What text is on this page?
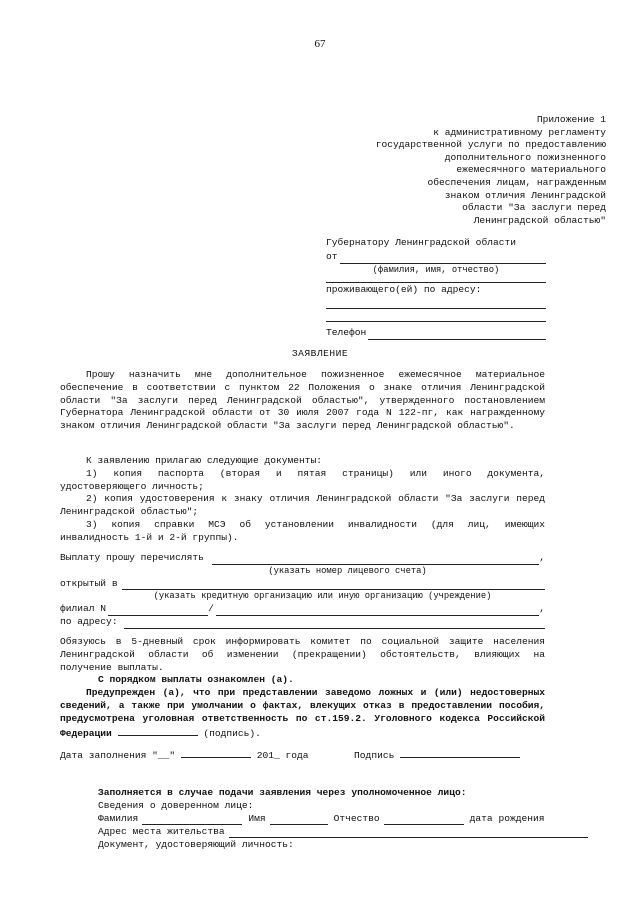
67
Приложение 1
к административному регламенту
государственной услуги по предоставлению
дополнительного пожизненного
ежемесячного материального
обеспечения лицам, награжденным
знаком отличия Ленинградской
области "За заслуги перед
Ленинградской областью"
Губернатору Ленинградской области
от
(фамилия, имя, отчество)
проживающего(ей) по адресу:
Телефон
ЗАЯВЛЕНИЕ

Прошу назначить мне дополнительное пожизненное ежемесячное материальное обеспечение в соответствии с пунктом 22 Положения о знаке отличия Ленинградской области "За заслуги перед Ленинградской областью", утвержденного постановлением Губернатора Ленинградской области от 30 июля 2007 года N 122-пг, как награжденному знаком отличия Ленинградской области "За заслуги перед Ленинградской областью".

К заявлению прилагаю следующие документы:

1) копия паспорта (вторая и пятая страницы) или иного документа, удостоверяющего личность;

2) копия удостоверения к знаку отличия Ленинградской области "За заслуги перед Ленинградской областью";

3) копия справки МСЭ об установлении инвалидности (для лиц, имеющих инвалидность 1-й и 2-й группы).

Выплату прошу перечислять	,
(указать номер лицевого счета)
открытый в
(указать кредитную организацию или иную организацию (учреждение)
филиал N	/	,
по адресу:

Обязуюсь в 5-дневный срок информировать комитет по социальной защите населения Ленинградской области об изменении (прекращении) обстоятельств, влияющих на получение выплаты.

С порядком выплаты ознакомлен (а).

Предупрежден (а), что при представлении заведомо ложных и (или) недостоверных сведений, а также при умолчании о фактах, влекущих отказ в предоставлении пособия, предусмотрена уголовная ответственность по ст.159.2. Уголовного кодекса Российской Федерации	(подпись).

Дата заполнения "__"	201_ года	Подпись
Заполняется в случае подачи заявления через уполномоченное лицо:
Сведения о доверенном лице:
Фамилия	Имя	Отчество	дата рождения
Адрес места жительства
Документ, удостоверяющий личность:
